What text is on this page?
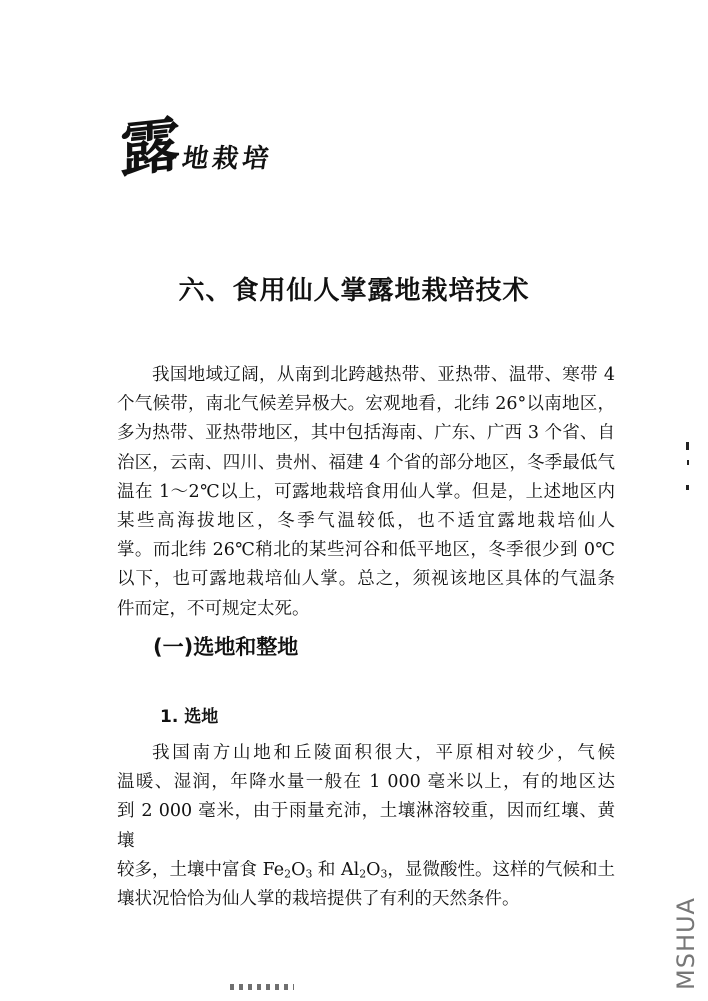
露 地栽培
六、食用仙人掌露地栽培技术
我国地域辽阔，从南到北跨越热带、亚热带、温带、寒带 4
个气候带，南北气候差异极大。宏观地看，北纬 26°以南地区，
多为热带、亚热带地区，其中包括海南、广东、广西 3 个省、自
治区，云南、四川、贵州、福建 4 个省的部分地区，冬季最低气
温在 1～2℃以上，可露地栽培食用仙人掌。但是，上述地区内
某些高海拔地区，冬季气温较低，也不适宜露地栽培仙人
掌。而北纬 26℃稍北的某些河谷和低平地区，冬季很少到 0℃
以下，也可露地栽培仙人掌。总之，须视该地区具体的气温条
件而定，不可规定太死。
(一)选地和整地
1. 选地
我国南方山地和丘陵面积很大，平原相对较少，气候
温暖、湿润，年降水量一般在 1 000 毫米以上，有的地区达
到 2 000 毫米，由于雨量充沛，土壤淋溶较重，因而红壤、黄壤
较多，土壤中富食 $Fe_2O_3$ 和 $Al_2O_3$，显微酸性。这样的气候和土
壤状况恰恰为仙人掌的栽培提供了有利的天然条件。	MSHUA
